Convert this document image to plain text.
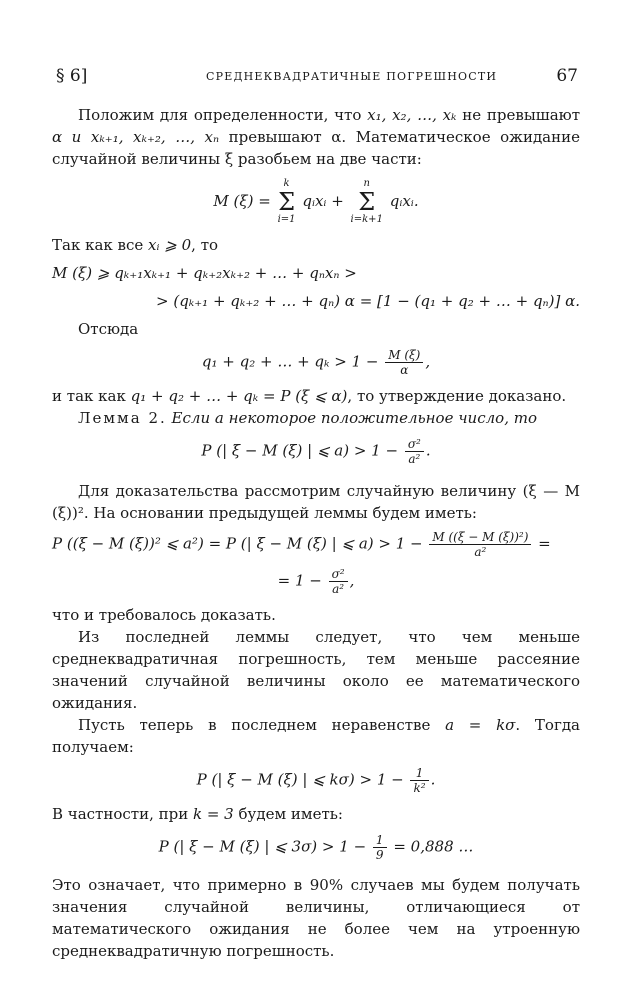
§ 6]	СРЕДНЕКВАДРАТИЧНЫЕ ПОГРЕШНОСТИ	67

Положим для определенности, что x₁, x₂, …, xₖ не превышают α и xₖ₊₁, xₖ₊₂, …, xₙ превышают α. Математическое ожидание случайной величины ξ разобьем на две части:

M (ξ) =
k
Σ
i=1
qᵢxᵢ +
n
Σ
i=k+1
qᵢxᵢ.

Так как все xᵢ ⩾ 0, то

M (ξ) ⩾ qₖ₊₁xₖ₊₁ + qₖ₊₂xₖ₊₂ + … + qₙxₙ >
> (qₖ₊₁ + qₖ₊₂ + … + qₙ) α = [1 − (q₁ + q₂ + … + qₙ)] α.

Отсюда

q₁ + q₂ + … + $q_k > 1 - \frac{M (\xi)}{\alpha}$ ,

и так как q₁ + q₂ + … + qₖ = P (ξ ⩽ α), то утверждение доказано.

Лемма 2. Если a некоторое положительное число, то

P (| ξ − M (ξ) | ⩽ $a) > 1 - \frac{\text{σ²}}{\text{a²}}$ .

Для доказательства рассмотрим случайную величину (ξ — M (ξ))². На основании предыдущей леммы будем иметь:

P ((ξ − M (ξ))² ⩽ a²) = P (| ξ − M (ξ) | ⩽ $a) > 1 - \frac{\text{M ((ξ − M (ξ))²)}}{\text{a²}}$ =
= $1 - \frac{\text{σ²}}{\text{a²}}$ ,

что и требовалось доказать.

Из последней леммы следует, что чем меньше среднеквадратичная погрешность, тем меньше рассеяние значений случайной величины около ее математического ожидания.

Пусть теперь в последнем неравенстве a = kσ. Тогда получаем:

P (| ξ − M (ξ) | ⩽ $k\sigma) > 1 - \frac{1}{\text{k²}}$ .

В частности, при k = 3 будем иметь:

P (| ξ − M (ξ) | ⩽ $3\sigma) > 1 - \frac{1}{9} = 0,888$ …

Это означает, что примерно в 90% случаев мы будем получать значения случайной величины, отличающиеся от математического ожидания не более чем на утроенную среднеквадратичную погрешность.
